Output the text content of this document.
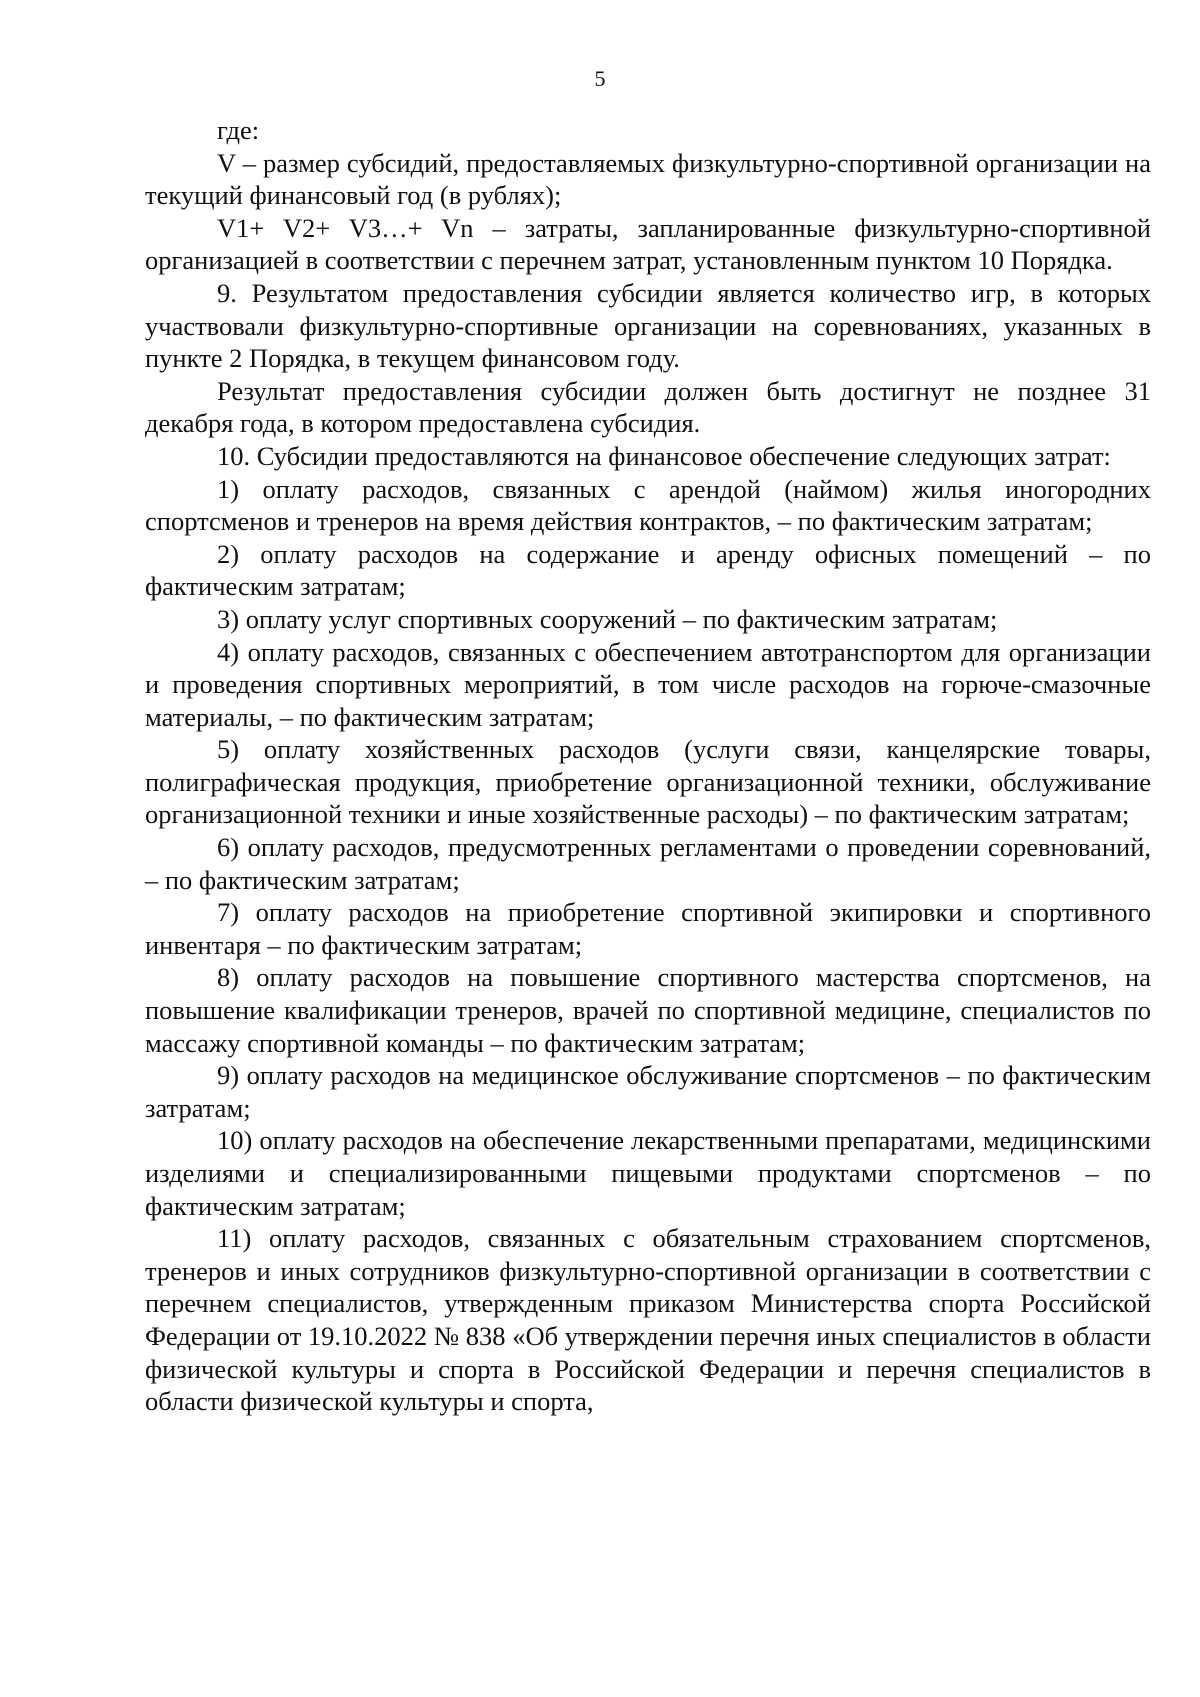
5

где:

V – размер субсидий, предоставляемых физкультурно-спортивной организации на текущий финансовый год (в рублях);

V1+ V2+ V3…+ Vn – затраты, запланированные физкультурно-спортивной организацией в соответствии с перечнем затрат, установленным пунктом 10 Порядка.

9. Результатом предоставления субсидии является количество игр, в которых участвовали физкультурно-спортивные организации на соревнованиях, указанных в пункте 2 Порядка, в текущем финансовом году.

Результат предоставления субсидии должен быть достигнут не позднее 31 декабря года, в котором предоставлена субсидия.

10. Субсидии предоставляются на финансовое обеспечение следующих затрат:

1) оплату расходов, связанных с арендой (наймом) жилья иногородних спортсменов и тренеров на время действия контрактов, – по фактическим затратам;

2) оплату расходов на содержание и аренду офисных помещений – по фактическим затратам;

3) оплату услуг спортивных сооружений – по фактическим затратам;

4) оплату расходов, связанных с обеспечением автотранспортом для организации и проведения спортивных мероприятий, в том числе расходов на горюче-смазочные материалы, – по фактическим затратам;

5) оплату хозяйственных расходов (услуги связи, канцелярские товары, полиграфическая продукция, приобретение организационной техники, обслуживание организационной техники и иные хозяйственные расходы) – по фактическим затратам;

6) оплату расходов, предусмотренных регламентами о проведении соревнований, – по фактическим затратам;

7) оплату расходов на приобретение спортивной экипировки и спортивного инвентаря – по фактическим затратам;

8) оплату расходов на повышение спортивного мастерства спортсменов, на повышение квалификации тренеров, врачей по спортивной медицине, специалистов по массажу спортивной команды – по фактическим затратам;

9) оплату расходов на медицинское обслуживание спортсменов – по фактическим затратам;

10) оплату расходов на обеспечение лекарственными препаратами, медицинскими изделиями и специализированными пищевыми продуктами спортсменов – по фактическим затратам;

11) оплату расходов, связанных с обязательным страхованием спортсменов, тренеров и иных сотрудников физкультурно-спортивной организации в соответствии с перечнем специалистов, утвержденным приказом Министерства спорта Российской Федерации от 19.10.2022 № 838 «Об утверждении перечня иных специалистов в области физической культуры и спорта в Российской Федерации и перечня специалистов в области физической культуры и спорта,
